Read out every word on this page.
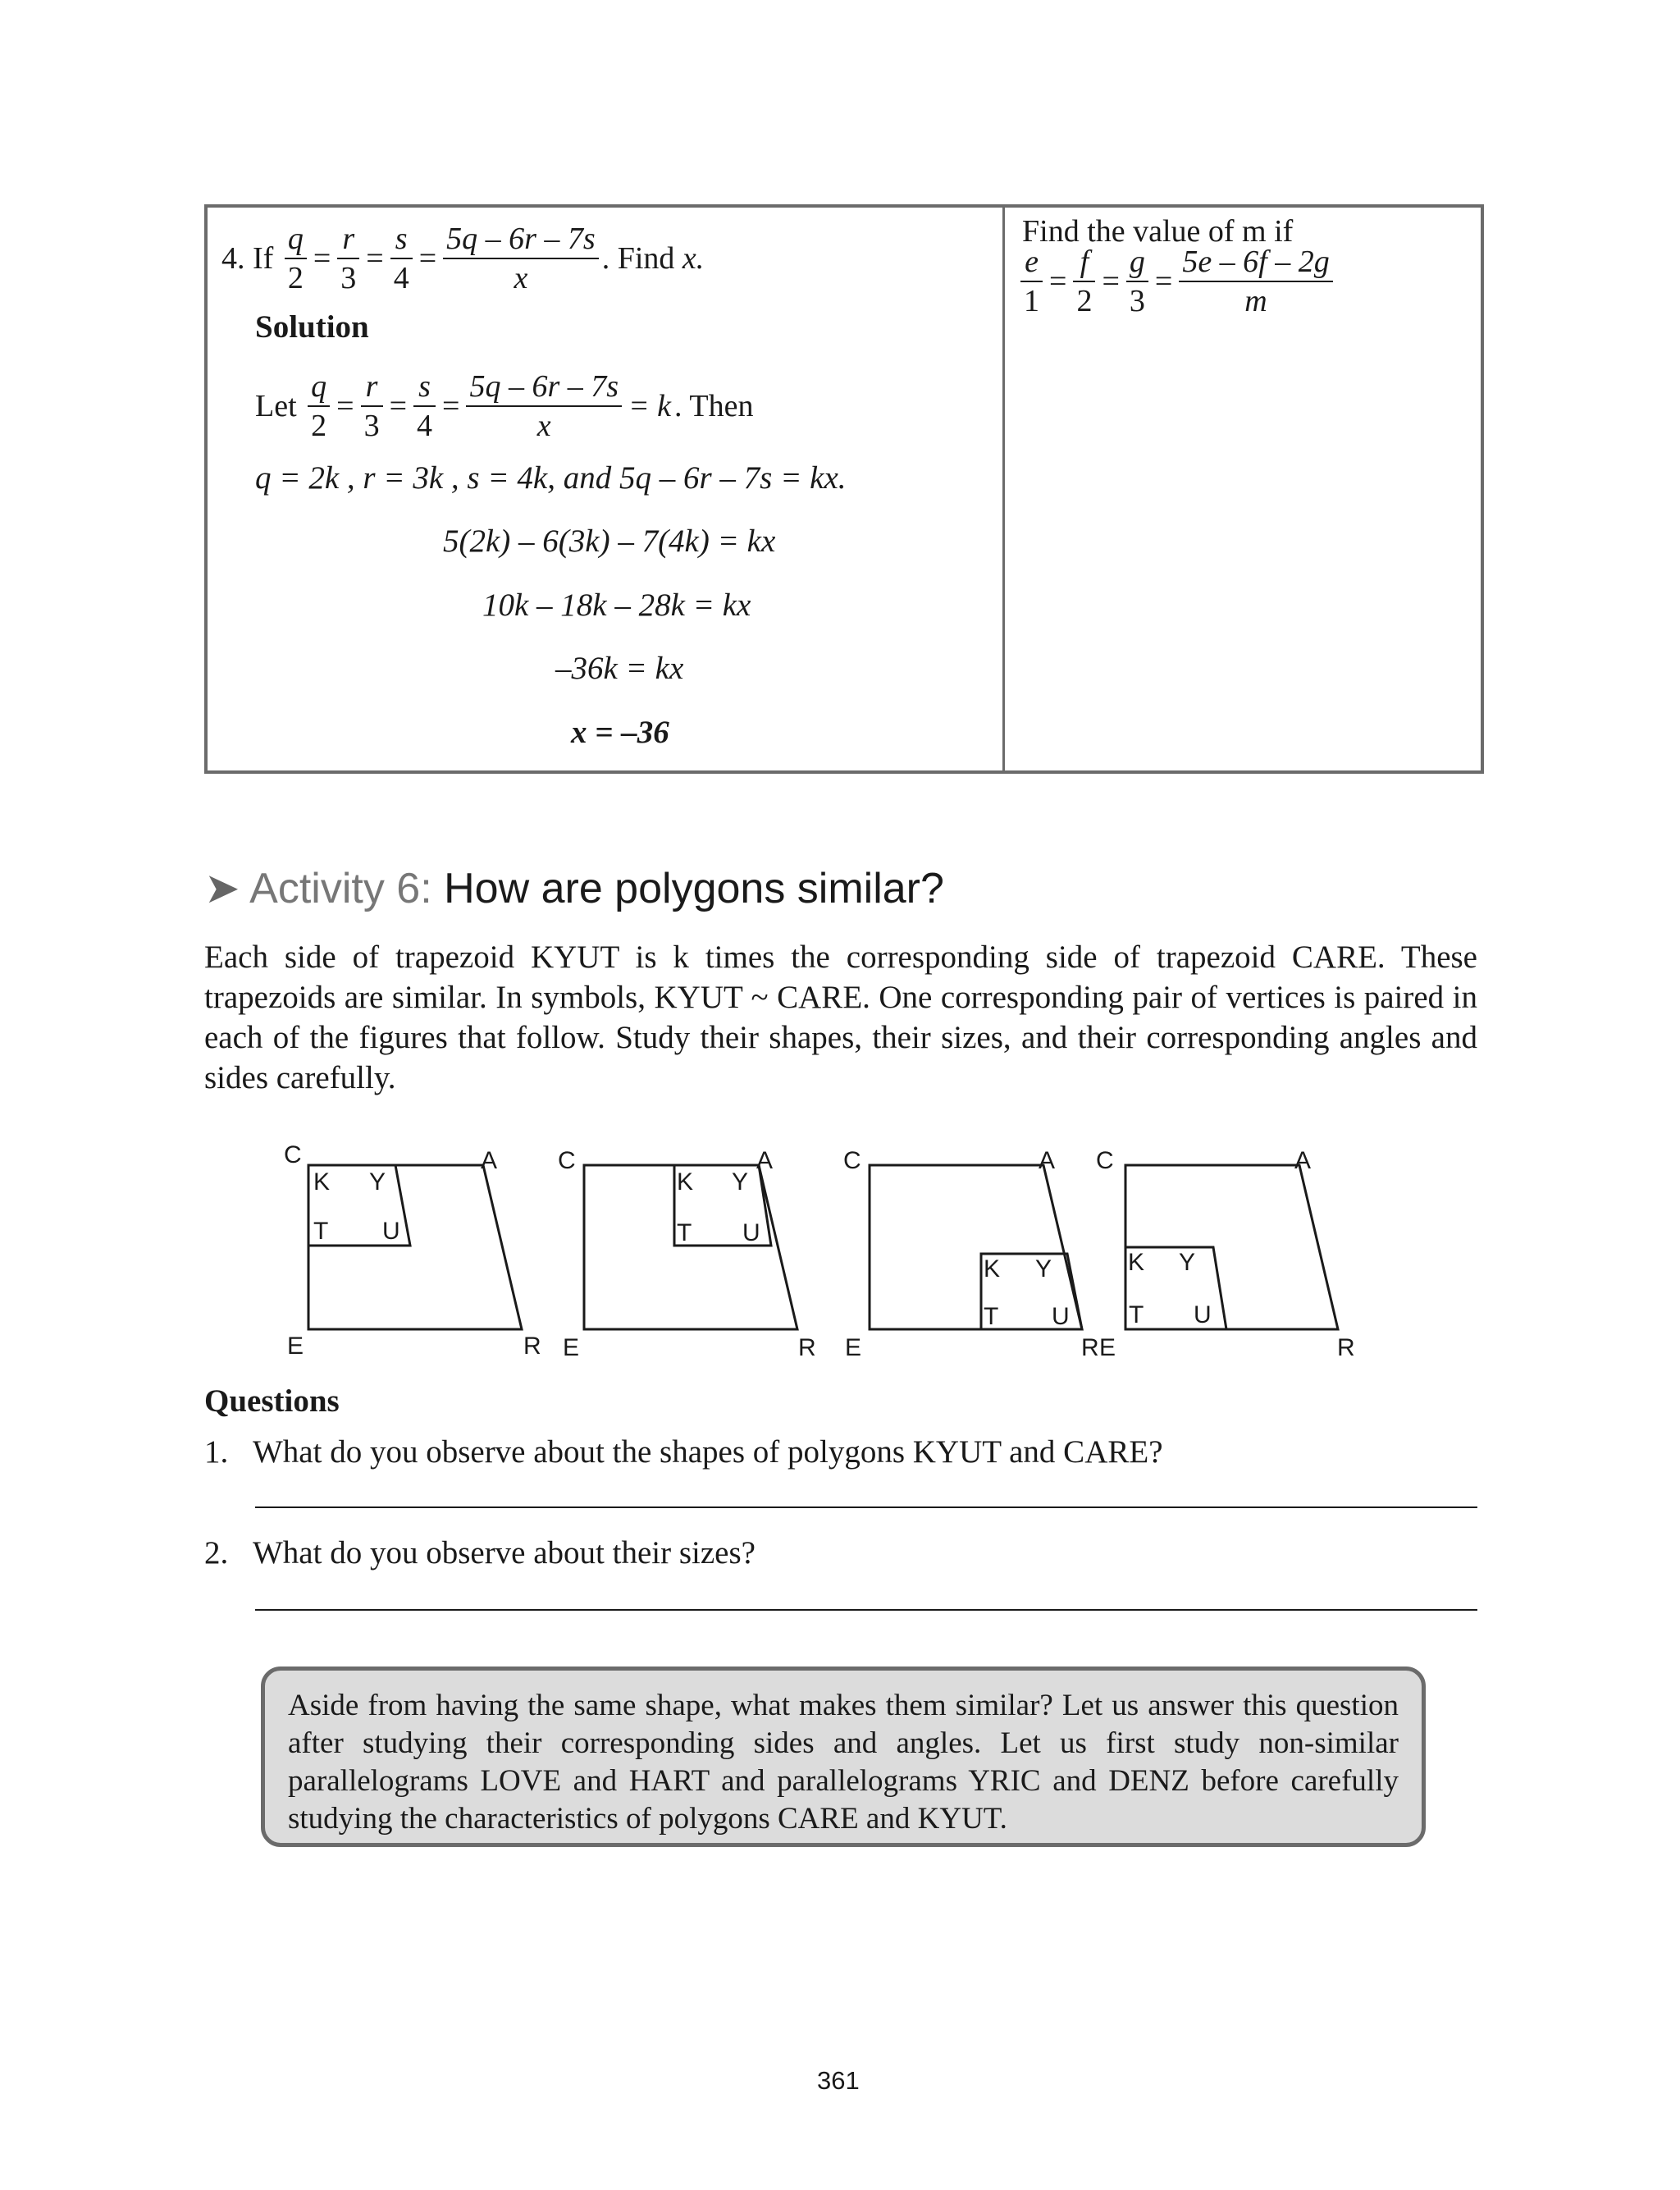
4. If $\frac{q}{2} = \frac{r}{3} = \frac{s}{4} = \frac{5q - 6r - 7s}{x}$ . Find x.
Solution
Let $\frac{q}{2} = \frac{r}{3} = \frac{s}{4} = \frac{5q - 6r - 7s}{x} = k$ . Then
q = 2k , r = 3k , s = 4k, and 5q – 6r – 7s = kx.
5(2k) – 6(3k) – 7(4k) = kx
10k – 18k – 28k = kx
–36k = kx
x = –36
Find the value of m if
$\frac{e}{1} = \frac{f}{2} = \frac{g}{3} = \frac{5e - 6f - 2g}{m}$
➤ Activity 6: How are polygons similar?
Each side of trapezoid KYUT is k times the corresponding side of trapezoid CARE. These trapezoids are similar. In symbols, KYUT ~ CARE. One corresponding pair of vertices is paired in each of the figures that follow. Study their shapes, their sizes, and their corresponding angles and sides carefully.
C	A
R
E
K Y
U
T
C	A
R
E
K Y
U
T
C	A
R
E
K Y
U
T
C	A
R
E
K Y
U
T
Questions
1. What do you observe about the shapes of polygons KYUT and CARE?
2. What do you observe about their sizes?
Aside from having the same shape, what makes them similar? Let us answer this question after studying their corresponding sides and angles. Let us first study non-similar parallelograms LOVE and HART and parallelograms YRIC and DENZ before carefully studying the characteristics of polygons CARE and KYUT.
361
